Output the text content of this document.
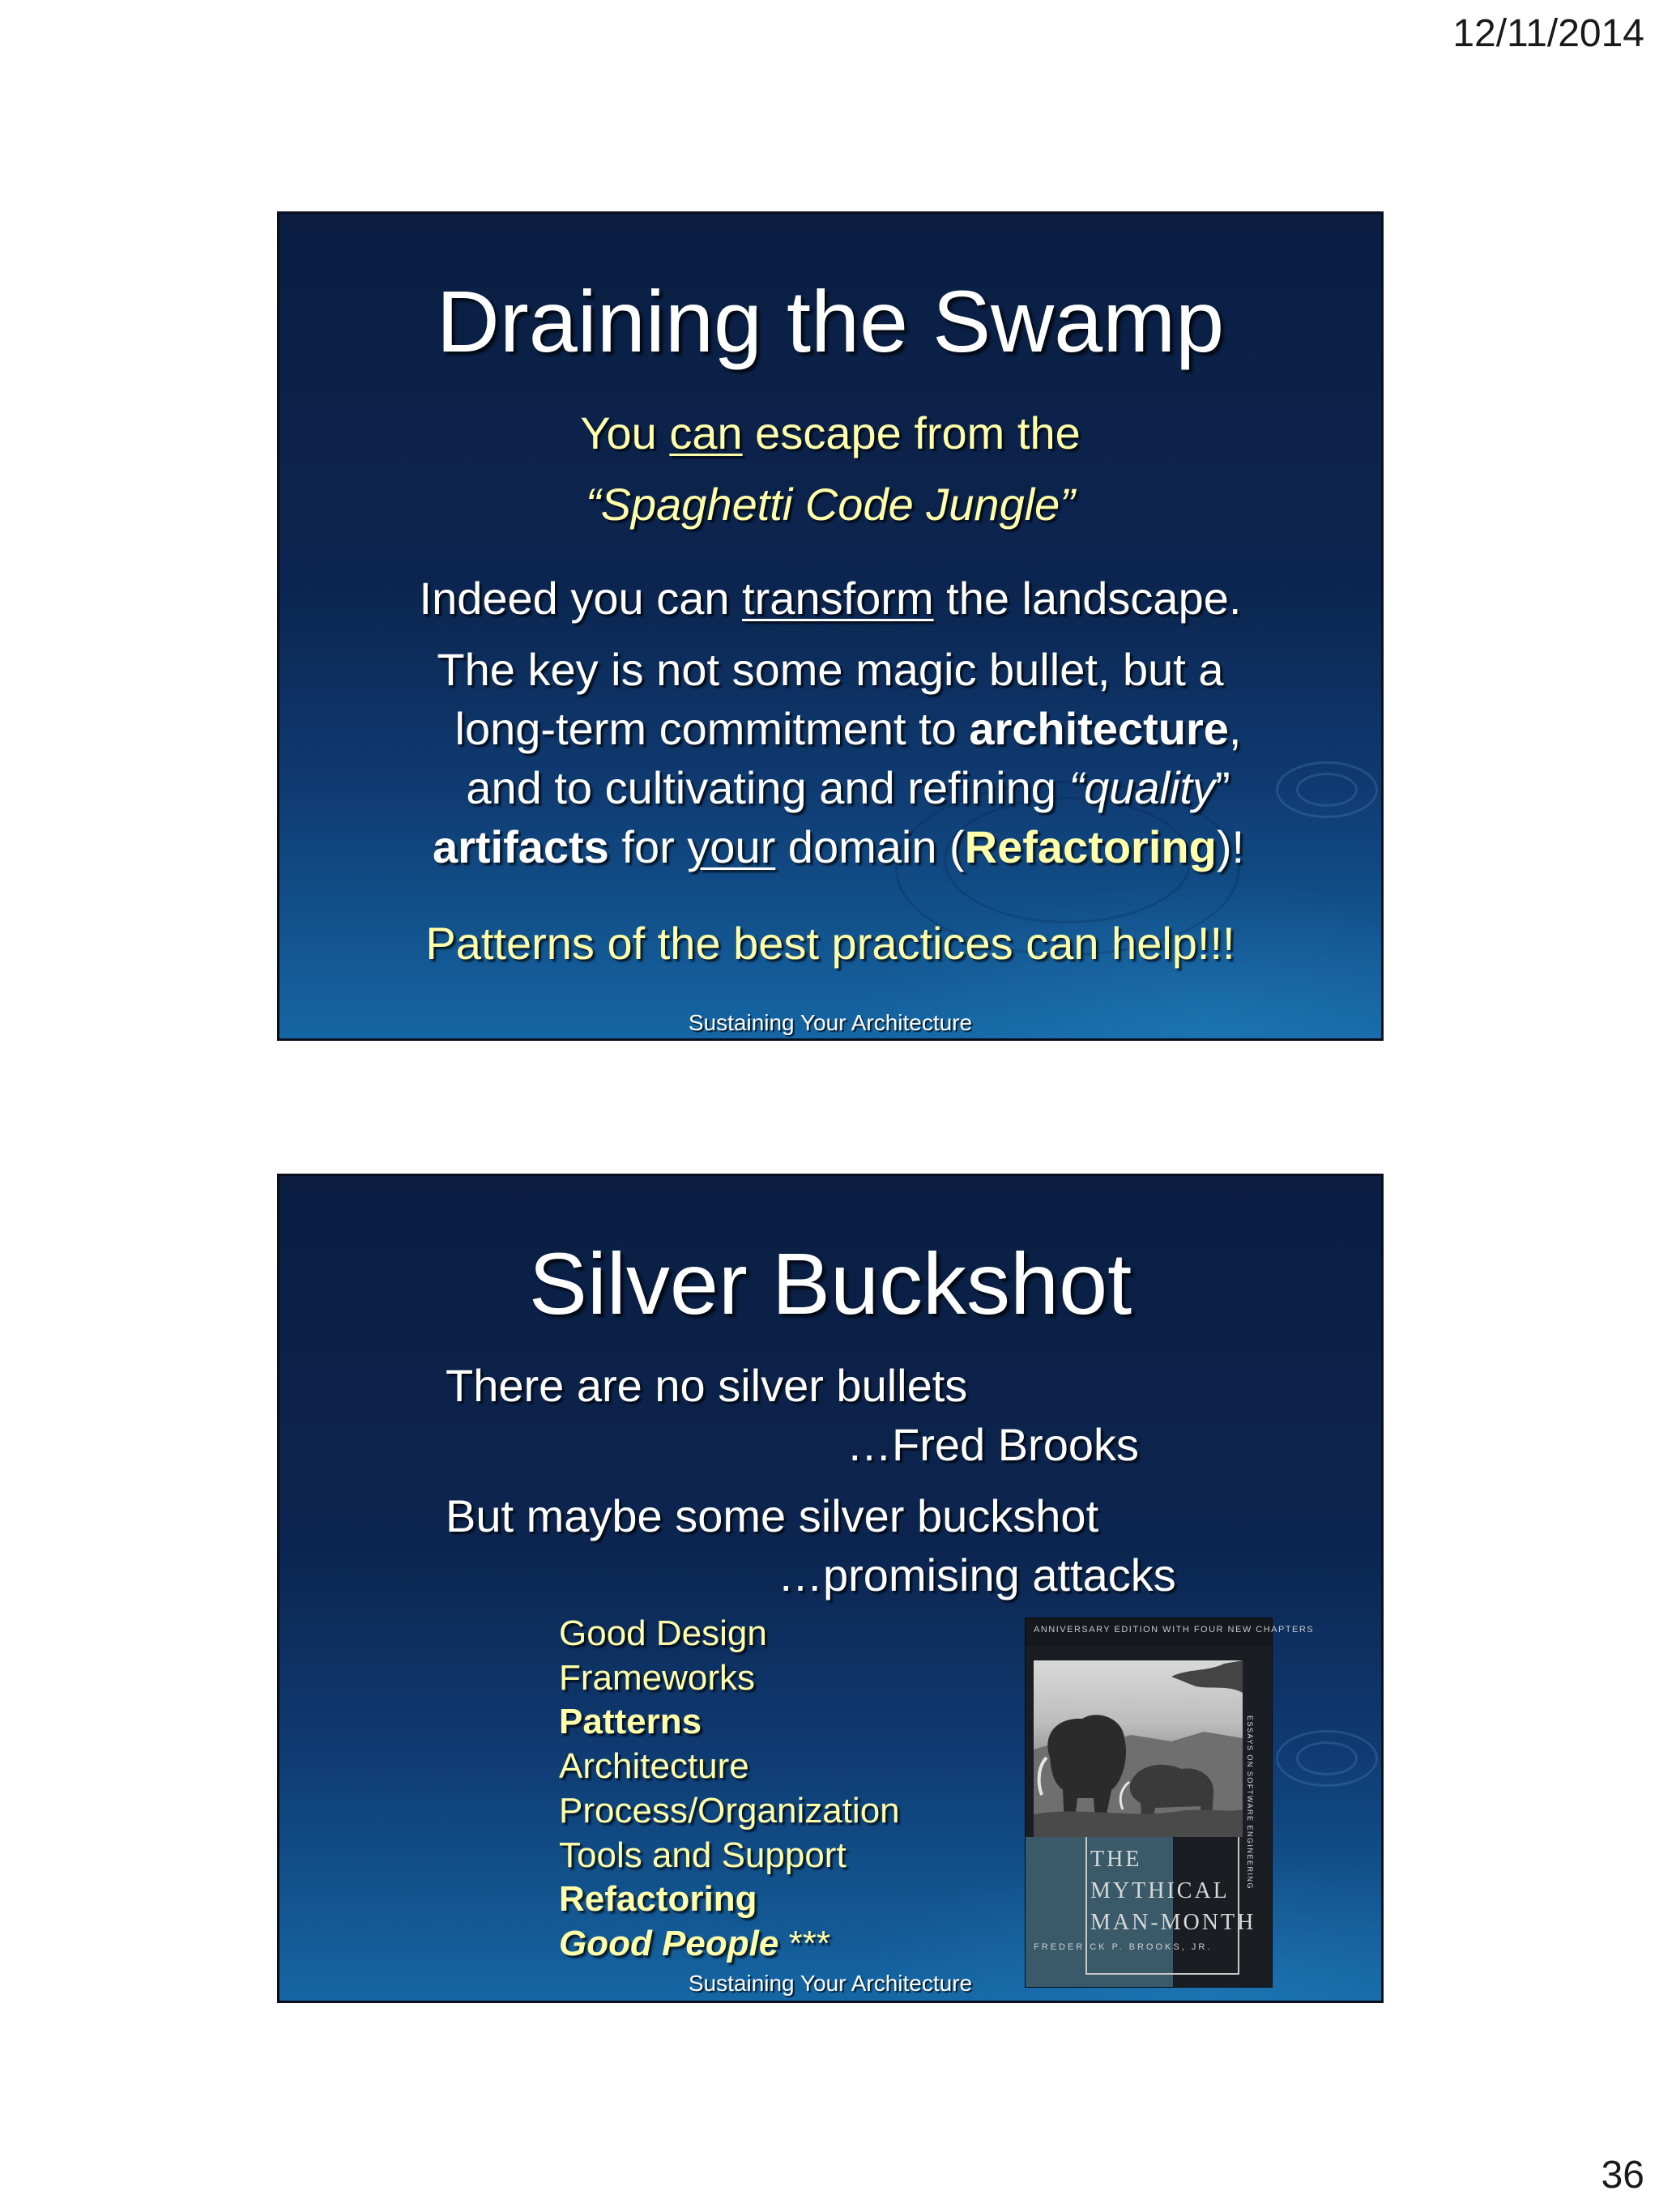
12/11/2014
Draining the Swamp
You can escape from the
“Spaghetti Code Jungle”
Indeed you can transform the landscape.
The key is not some magic bullet, but a
long-term commitment to architecture,
and to cultivating and refining “quality”
artifacts for your domain (Refactoring)!
Patterns of the best practices can help!!!
Sustaining Your Architecture
Silver Buckshot
There are no silver bullets
…Fred Brooks
But maybe some silver buckshot
…promising attacks
Good Design
Frameworks
Patterns
Architecture
Process/Organization
Tools and Support
Refactoring
Good People ***
ANNIVERSARY EDITION WITH FOUR NEW CHAPTERS
ESSAYS ON SOFTWARE ENGINEERING
THE
MYTHICAL
MAN-MONTH
FREDERICK P. BROOKS, JR.
Sustaining Your Architecture
36
